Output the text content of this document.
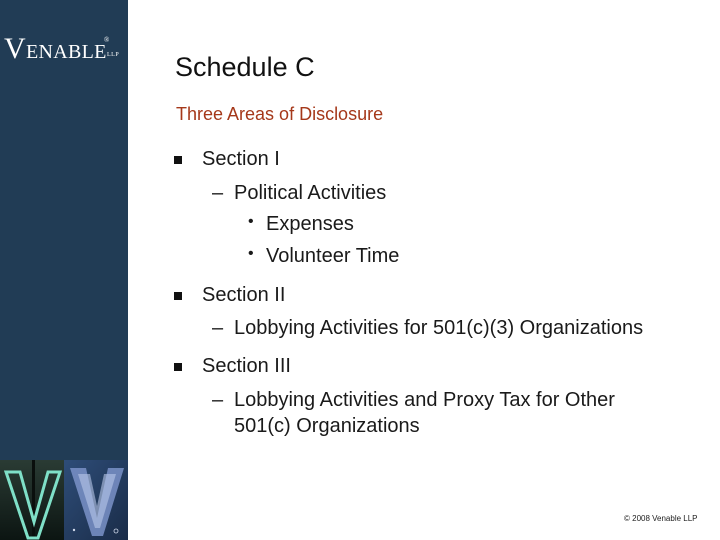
VENABLE
®
LLP Schedule C
Three Areas of Disclosure
Section I
– Political Activities
• Expenses
• Volunteer Time
Section II
– Lobbying Activities for 501(c)(3) Organizations
Section III
– Lobbying Activities and Proxy Tax for Other
501(c) Organizations
© 2008 Venable LLP
